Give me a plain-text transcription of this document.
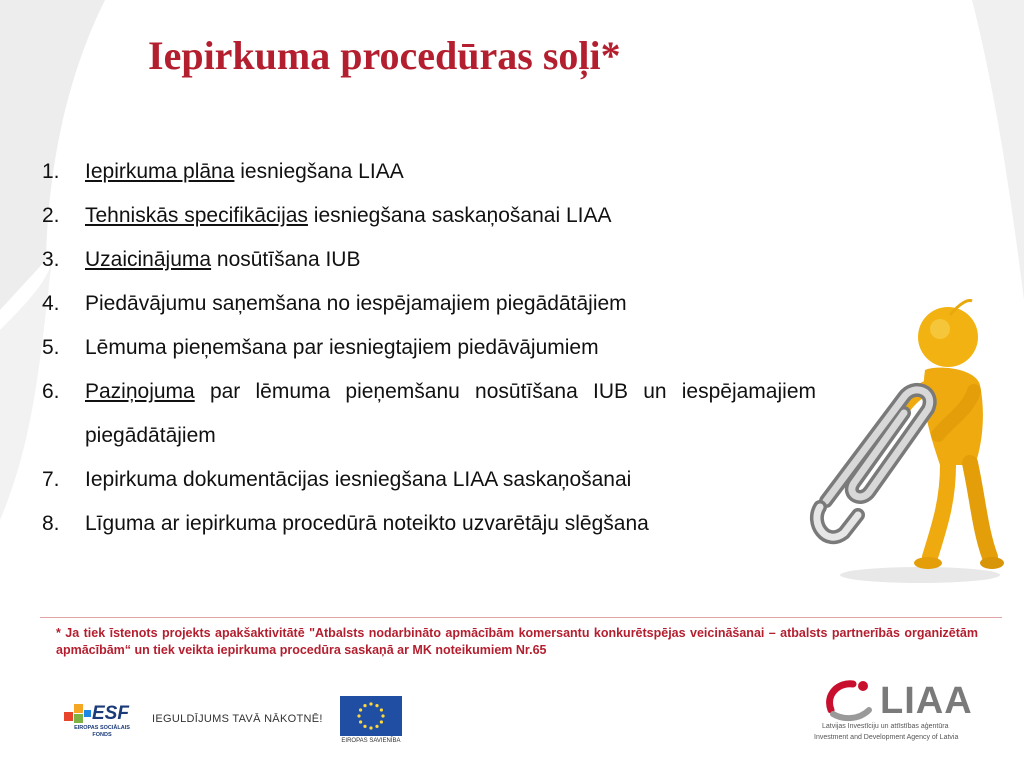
Iepirkuma procedūras soļi*
1.	Iepirkuma plāna iesniegšana LIAA
2.	Tehniskās specifikācijas iesniegšana saskaņošanai LIAA
3.	Uzaicinājuma nosūtīšana IUB
4.	Piedāvājumu saņemšana no iespējamajiem piegādātājiem
5.	Lēmuma pieņemšana par iesniegtajiem piedāvājumiem
6.	Paziņojuma par lēmuma pieņemšanu nosūtīšana IUB un iespējamajiem piegādātājiem
7.	Iepirkuma dokumentācijas iesniegšana LIAA saskaņošanai
8.	Līguma ar iepirkuma procedūrā noteikto uzvarētāju slēgšana

* Ja tiek īstenots projekts apakšaktivitātē "Atbalsts nodarbināto apmācībām komersantu konkurētspējas veicināšanai – atbalsts partnerībās organizētām apmācībām“ un tiek veikta iepirkuma procedūra saskaņā ar MK noteikumiem Nr.65

ESF
EIROPAS SOCIĀLAIS FONDS
IEGULDĪJUMS TAVĀ NĀKOTNĒ!
EIROPAS SAVIENĪBA
LIAA
Latvijas Investīciju un attīstības aģentūra
Investment and Development Agency of Latvia
